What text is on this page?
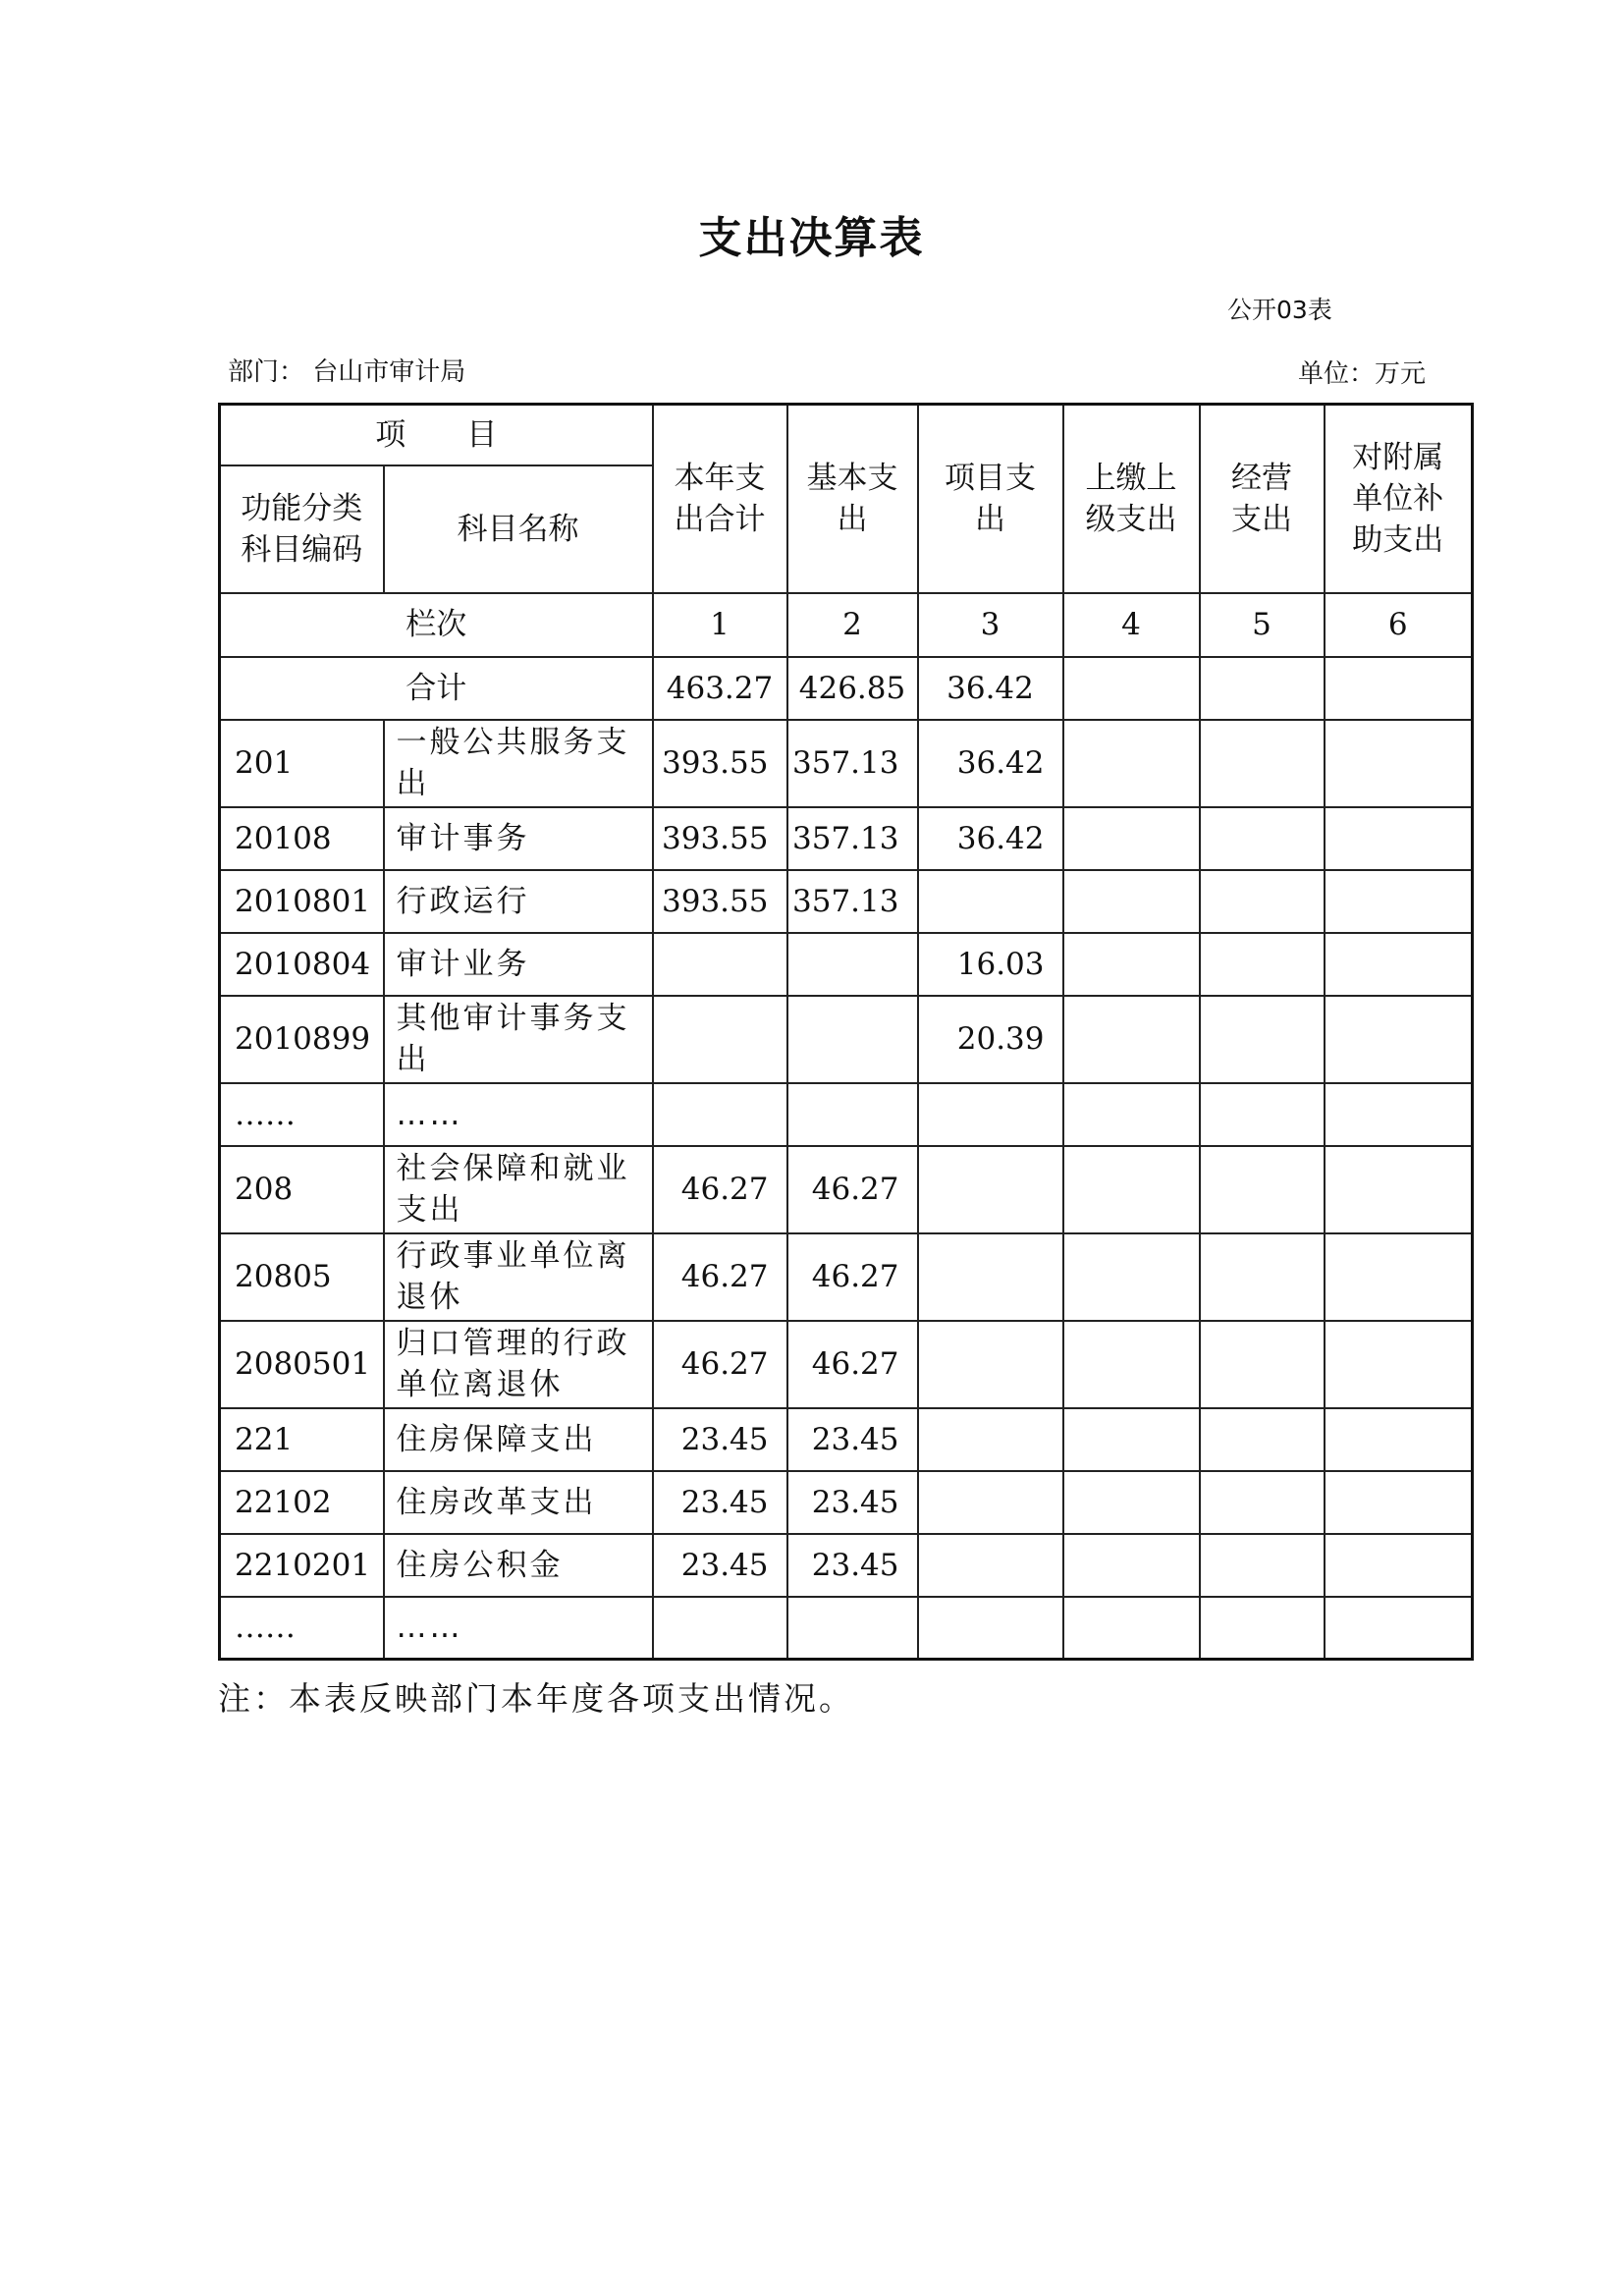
支出决算表
公开03表
部门： 台山市审计局	单位：万元
项　　目		本年支出合计	基本支出	项目支出	上缴上级支出	经营支出	对附属单位补助支出

功能分类科目编码	科目名称						
栏次		1	2	3	4	5	6
合计		463.27	426.85	36.42			
201	一般公共服务支出	393.55	357.13	36.42			
20108	审计事务	393.55	357.13	36.42			
2010801	行政运行	393.55	357.13				
2010804	审计业务			16.03			
2010899	其他审计事务支出			20.39			
……	……						
208	社会保障和就业支出	46.27	46.27				
20805	行政事业单位离退休	46.27	46.27				
2080501	归口管理的行政单位离退休	46.27	46.27				
221	住房保障支出	23.45	23.45				
22102	住房改革支出	23.45	23.45				
2210201	住房公积金	23.45	23.45				
……	……						
注：本表反映部门本年度各项支出情况。
